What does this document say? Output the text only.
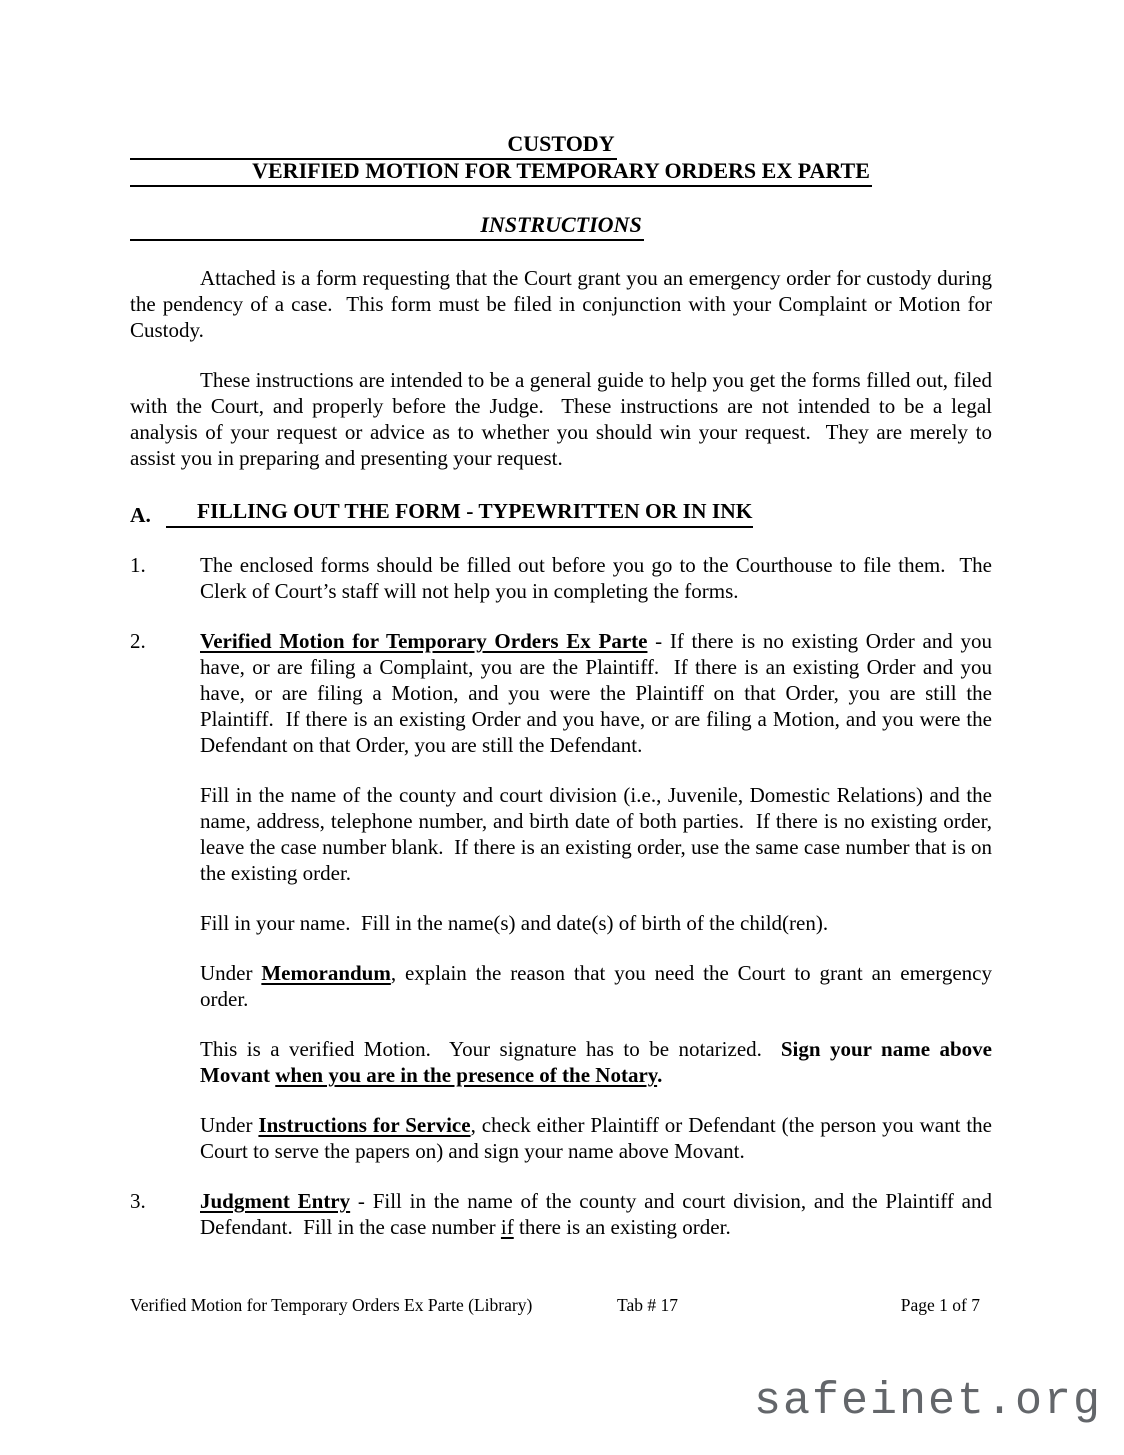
CUSTODY
VERIFIED MOTION FOR TEMPORARY ORDERS EX PARTE
INSTRUCTIONS

Attached is a form requesting that the Court grant you an emergency order for custody during the pendency of a case.  This form must be filed in conjunction with your Complaint or Motion for Custody.

These instructions are intended to be a general guide to help you get the forms filled out, filed with the Court, and properly before the Judge.  These instructions are not intended to be a legal analysis of your request or advice as to whether you should win your request.  They are merely to assist you in preparing and presenting your request.

A.	FILLING OUT THE FORM - TYPEWRITTEN OR IN INK
1.	The enclosed forms should be filled out before you go to the Courthouse to file them.  The Clerk of Court’s staff will not help you in completing the forms.
2.	Verified Motion for Temporary Orders Ex Parte - If there is no existing Order and you have, or are filing a Complaint, you are the Plaintiff.  If there is an existing Order and you have, or are filing a Motion, and you were the Plaintiff on that Order, you are still the Plaintiff.  If there is an existing Order and you have, or are filing a Motion, and you were the Defendant on that Order, you are still the Defendant.

Fill in the name of the county and court division (i.e., Juvenile, Domestic Relations) and the name, address, telephone number, and birth date of both parties.  If there is no existing order, leave the case number blank.  If there is an existing order, use the same case number that is on the existing order.

Fill in your name.  Fill in the name(s) and date(s) of birth of the child(ren).

Under Memorandum, explain the reason that you need the Court to grant an emergency order.

This is a verified Motion.  Your signature has to be notarized.  Sign your name above Movant when you are in the presence of the Notary.

Under Instructions for Service, check either Plaintiff or Defendant (the person you want the Court to serve the papers on) and sign your name above Movant.

3.	Judgment Entry - Fill in the name of the county and court division, and the Plaintiff and Defendant.  Fill in the case number if there is an existing order.
Verified Motion for Temporary Orders Ex Parte (Library)	Tab # 17	Page 1 of 7
safeinet.org
